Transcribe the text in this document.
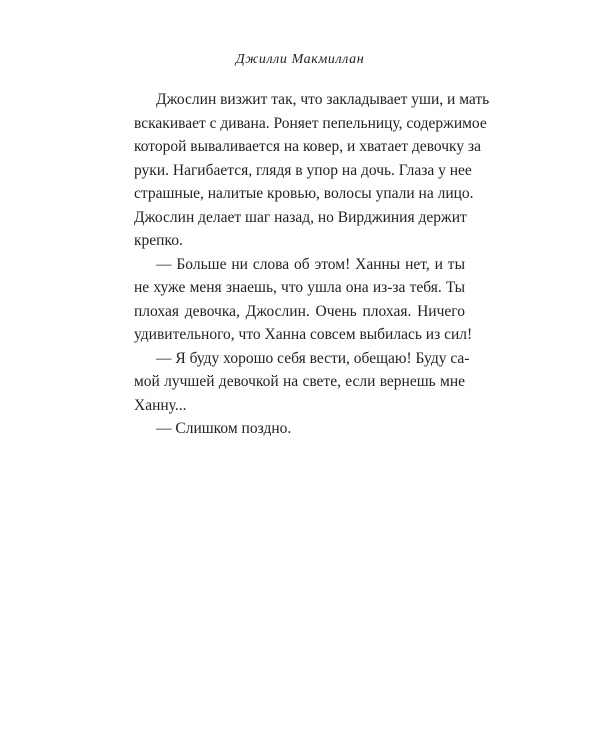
Джилли Макмиллан
Джослин визжит так, что закладывает уши, и мать
вскакивает с дивана. Роняет пепельницу, содержимое
которой вываливается на ковер, и хватает девочку за
руки. Нагибается, глядя в упор на дочь. Глаза у нее
страшные, налитые кровью, волосы упали на лицо.
Джослин делает шаг назад, но Вирджиния держит
крепко.
— Больше ни слова об этом! Ханны нет, и ты
не хуже меня знаешь, что ушла она из-за тебя. Ты
плохая девочка, Джослин. Очень плохая. Ничего
удивительного, что Ханна совсем выбилась из сил!
— Я буду хорошо себя вести, обещаю! Буду са-
мой лучшей девочкой на свете, если вернешь мне
Ханну...
— Слишком поздно.
